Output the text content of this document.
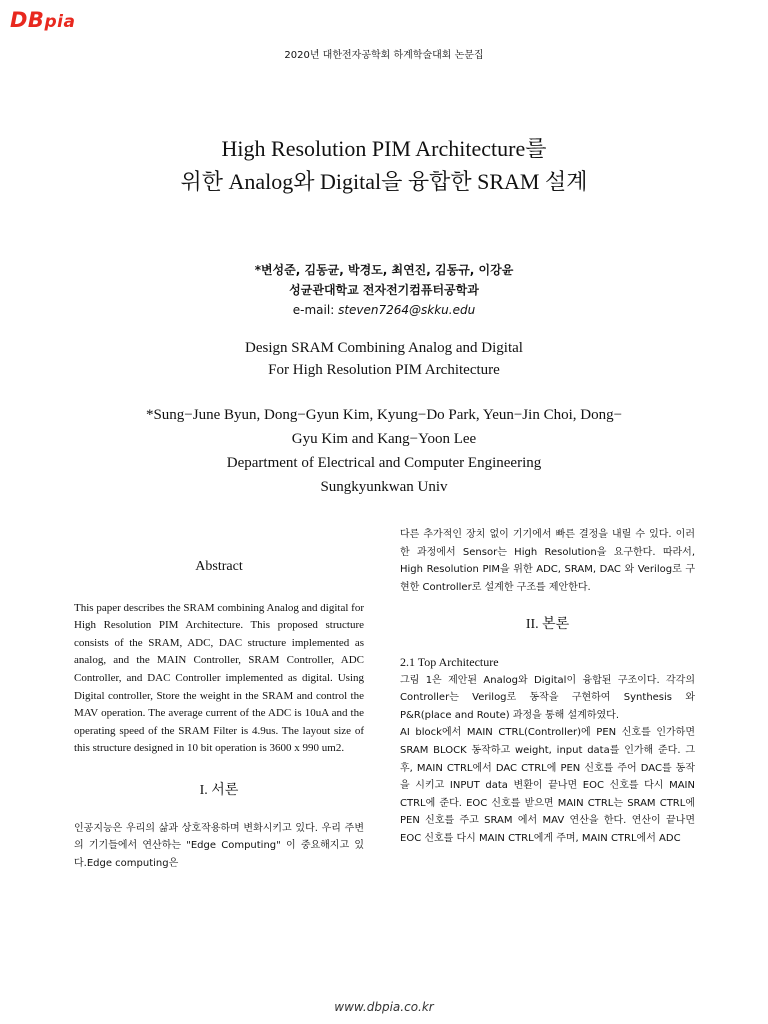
DBpia
2020년 대한전자공학회 하계학술대회 논문집
High Resolution PIM Architecture를
위한 Analog와 Digital을 융합한 SRAM 설계
*변성준, 김동균, 박경도, 최연진, 김동규, 이강윤
성균관대학교 전자전기컴퓨터공학과
e-mail: steven7264@skku.edu
Design SRAM Combining Analog and Digital
For High Resolution PIM Architecture
*Sung−June Byun, Dong−Gyun Kim, Kyung−Do Park, Yeun−Jin Choi, Dong−
Gyu Kim and Kang−Yoon Lee
Department of Electrical and Computer Engineering
Sungkyunkwan Univ
Abstract

This paper describes the SRAM combining Analog and digital for High Resolution PIM Architecture. This proposed structure consists of the SRAM, ADC, DAC structure implemented as analog, and the MAIN Controller, SRAM Controller, ADC Controller, and DAC Controller implemented as digital. Using Digital controller, Store the weight in the SRAM and control the MAV operation. The average current of the ADC is 10uA and the operating speed of the SRAM Filter is 4.9us. The layout size of this structure designed in 10 bit operation is 3600 x 990 um2.

I. 서론

인공지능은 우리의 삶과 상호작용하며 변화시키고 있다. 우리 주변의 기기들에서 연산하는 "Edge Computing" 이 중요해지고 있다.Edge computing은

다른 추가적인 장치 없이 기기에서 빠른 결정을 내릴 수 있다. 이러한 과정에서 Sensor는 High Resolution을 요구한다. 따라서, High Resolution PIM을 위한 ADC, SRAM, DAC 와 Verilog로 구현한 Controller로 설계한 구조를 제안한다.

II. 본론
2.1 Top Architecture

그림 1은 제안된 Analog와 Digital이 융합된 구조이다. 각각의 Controller는 Verilog로 동작을 구현하여 Synthesis 와 P&R(place and Route) 과정을 통해 설계하였다.

AI block에서 MAIN CTRL(Controller)에 PEN 신호를 인가하면 SRAM BLOCK 동작하고 weight, input data를 인가해 준다. 그 후, MAIN CTRL에서 DAC CTRL에 PEN 신호를 주어 DAC를 동작을 시키고 INPUT data 변환이 끝나면 EOC 신호를 다시 MAIN CTRL에 준다. EOC 신호를 받으면 MAIN CTRL는 SRAM CTRL에 PEN 신호를 주고 SRAM 에서 MAV 연산을 한다. 연산이 끝나면 EOC 신호를 다시 MAIN CTRL에게 주며, MAIN CTRL에서 ADC

www.dbpia.co.kr
